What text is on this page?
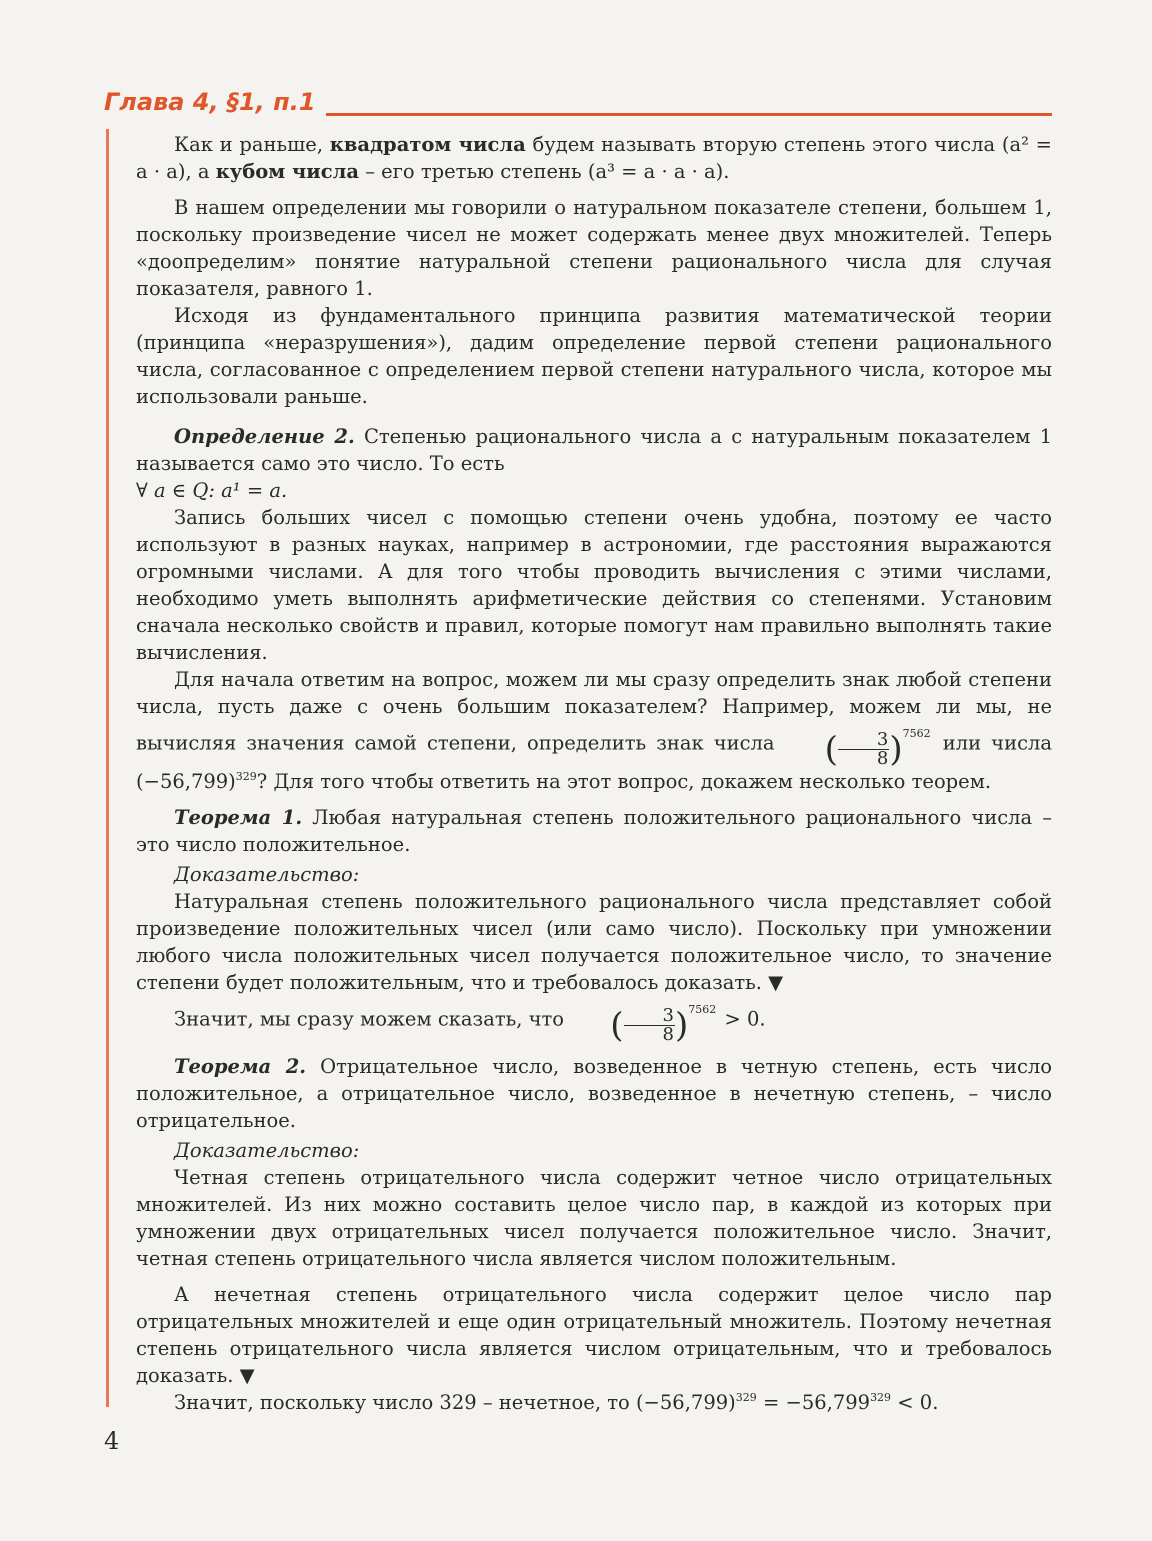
Глава 4, §1, п.1

Как и раньше, квадратом числа будем называть вторую степень этого числа (a² = a · a), а кубом числа – его третью степень (a³ = a · a · a).

В нашем определении мы говорили о натуральном показателе степени, большем 1, поскольку произведение чисел не может содержать менее двух множителей. Теперь «доопределим» понятие натуральной степени рационального числа для случая показателя, равного 1.

Исходя из фундаментального принципа развития математической теории (принципа «неразрушения»), дадим определение первой степени рационального числа, согласованное с определением первой степени натурального числа, которое мы использовали раньше.

Определение 2. Степенью рационального числа a с натуральным показателем 1 называется само это число. То есть

∀ a ∈ Q: a¹ = a.

Запись больших чисел с помощью степени очень удобна, поэтому ее часто используют в разных науках, например в астрономии, где расстояния выражаются огромными числами. А для того чтобы проводить вычисления с этими числами, необходимо уметь выполнять арифметические действия со степенями. Установим сначала несколько свойств и правил, которые помогут нам правильно выполнять такие вычисления.

Для начала ответим на вопрос, можем ли мы сразу определить знак любой степени числа, пусть даже с очень большим показателем? Например, можем ли мы, не вычисляя значения самой степени, определить знак числа ( $\frac{3}{8} )^{7562}$ или числа $(-56,799)^{329}$? Для того чтобы ответить на этот вопрос, докажем несколько теорем.

Теорема 1. Любая натуральная степень положительного рационального числа – это число положительное.

Доказательство:

Натуральная степень положительного рационального числа представляет собой произведение положительных чисел (или само число). Поскольку при умножении любого числа положительных чисел получается положительное число, то значение степени будет положительным, что и требовалось доказать. ▼

Значит, мы сразу можем сказать, что ( $\frac{3}{8} )^{7562} > 0$.

Теорема 2. Отрицательное число, возведенное в четную степень, есть число положительное, а отрицательное число, возведенное в нечетную степень, – число отрицательное.

Доказательство:

Четная степень отрицательного числа содержит четное число отрицательных множителей. Из них можно составить целое число пар, в каждой из которых при умножении двух отрицательных чисел получается положительное число. Значит, четная степень отрицательного числа является числом положительным.

А нечетная степень отрицательного числа содержит целое число пар отрицательных множителей и еще один отрицательный множитель. Поэтому нечетная степень отрицательного числа является числом отрицательным, что и требовалось доказать. ▼

Значит, поскольку число 329 – нечетное, то $(-56,799)^{329} = -56,799^{329} < 0$.

4
